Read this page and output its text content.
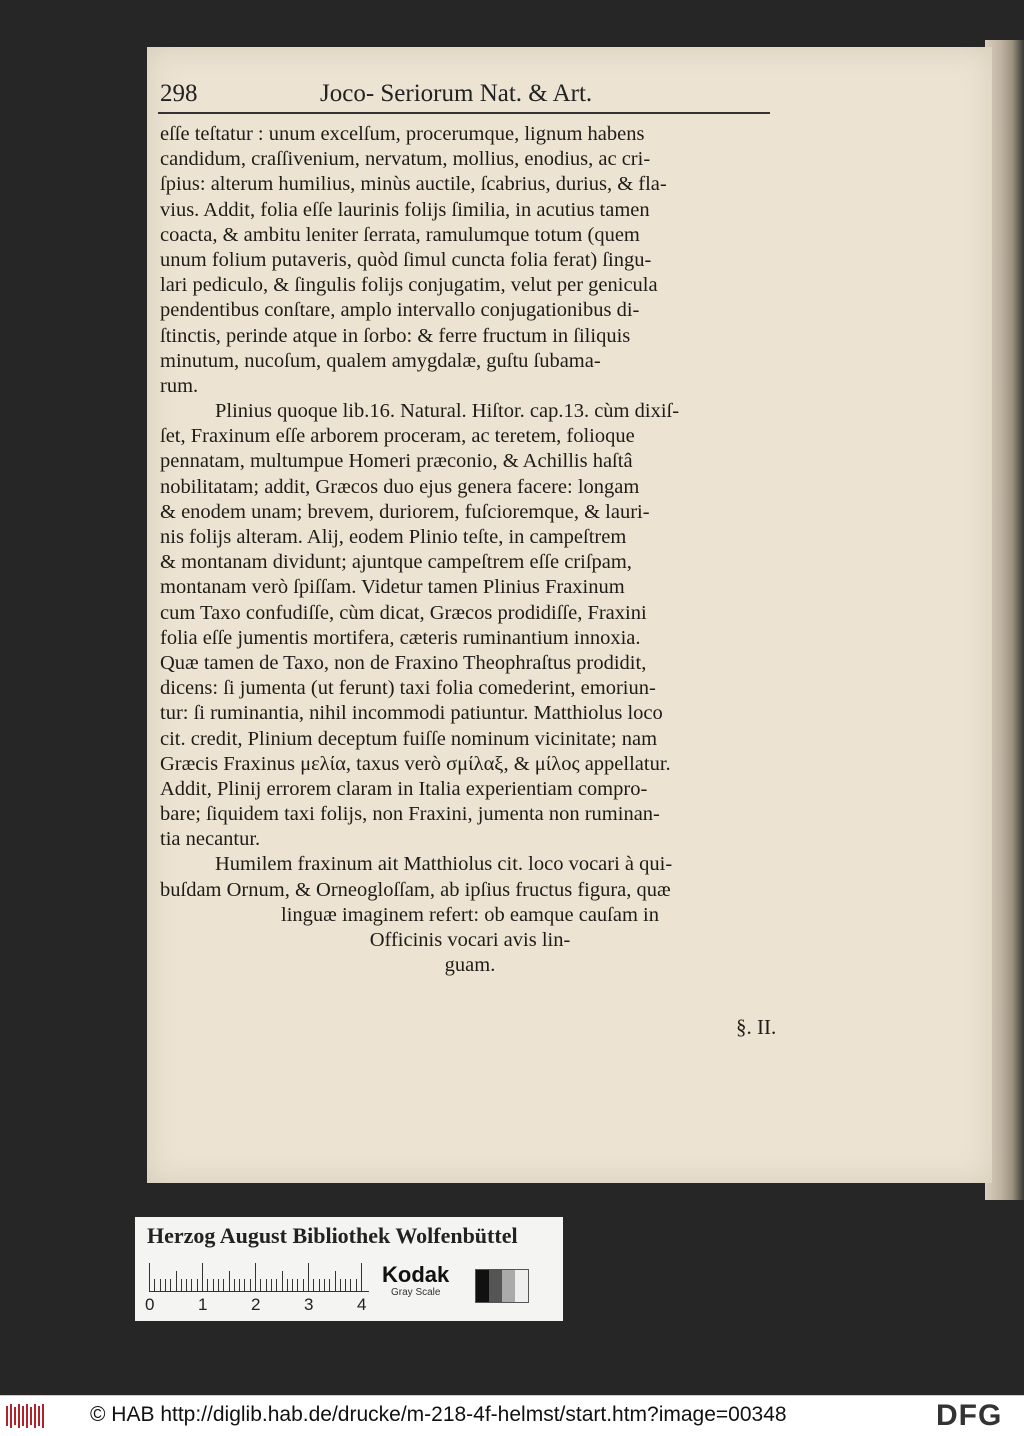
298	Joco- Seriorum Nat. & Art.
eſſe teſtatur : unum excelſum, procerumque, lignum habens
candidum, craſſivenium, nervatum, mollius, enodius, ac cri-
ſpius: alterum humilius, minùs auctile, ſcabrius, durius, & fla-
vius. Addit, folia eſſe laurinis folijs ſimilia, in acutius tamen
coacta, & ambitu leniter ſerrata, ramulumque totum (quem
unum folium putaveris, quòd ſimul cuncta folia ferat) ſingu-
lari pediculo, & ſingulis folijs conjugatim, velut per genicula
pendentibus conſtare, amplo intervallo conjugationibus di-
ſtinctis, perinde atque in ſorbo: & ferre fructum in ſiliquis
minutum, nucoſum, qualem amygdalæ, guſtu ſubama-
rum.
Plinius quoque lib.16. Natural. Hiſtor. cap.13. cùm dixiſ-
ſet, Fraxinum eſſe arborem proceram, ac teretem, folioque
pennatam, multumpue Homeri præconio, & Achillis haſtâ
nobilitatam; addit, Græcos duo ejus genera facere: longam
& enodem unam; brevem, duriorem, fuſcioremque, & lauri-
nis folijs alteram. Alij, eodem Plinio teſte, in campeſtrem
& montanam dividunt; ajuntque campeſtrem eſſe criſpam,
montanam verò ſpiſſam. Videtur tamen Plinius Fraxinum
cum Taxo confudiſſe, cùm dicat, Græcos prodidiſſe, Fraxini
folia eſſe jumentis mortifera, cæteris ruminantium innoxia.
Quæ tamen de Taxo, non de Fraxino Theophraſtus prodidit,
dicens: ſi jumenta (ut ferunt) taxi folia comederint, emoriun-
tur: ſi ruminantia, nihil incommodi patiuntur. Matthiolus loco
cit. credit, Plinium deceptum fuiſſe nominum vicinitate; nam
Græcis Fraxinus μελία, taxus verò σμίλαξ, & μίλος appellatur.
Addit, Plinij errorem claram in Italia experientiam compro-
bare; ſiquidem taxi folijs, non Fraxini, jumenta non ruminan-
tia necantur.
Humilem fraxinum ait Matthiolus cit. loco vocari à qui-
buſdam Ornum, & Orneogloſſam, ab ipſius fructus figura, quæ
linguæ imaginem refert: ob eamque cauſam in
Officinis vocari avis lin-
guam.
§. II.
Herzog August Bibliothek Wolfenbüttel
0	1	2	3	4
Kodak
Gray Scale
© HAB http://diglib.hab.de/drucke/m-218-4f-helmst/start.htm?image=00348	DFG
